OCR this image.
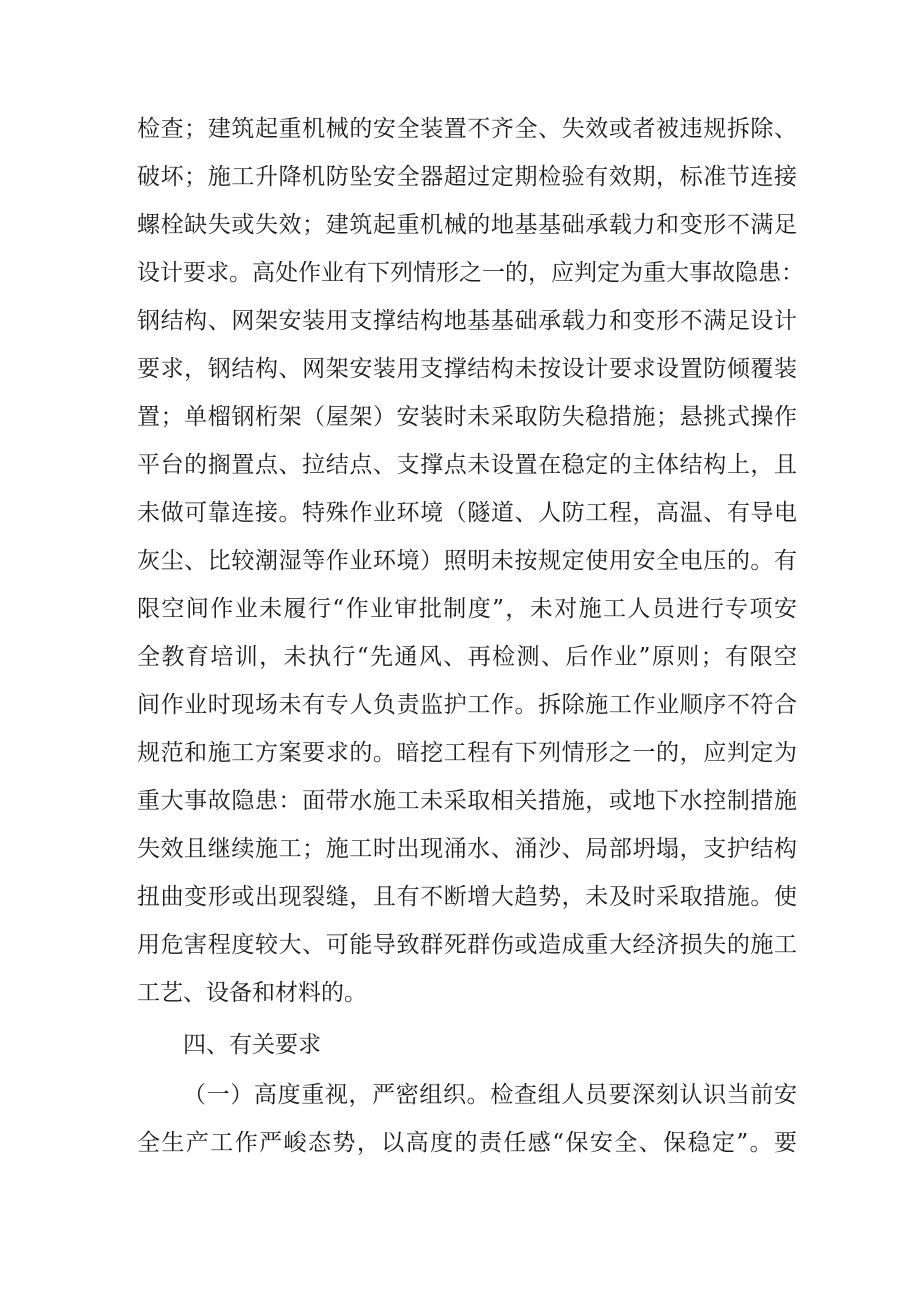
检查；建筑起重机械的安全装置不齐全、失效或者被违规拆除、
破坏；施工升降机防坠安全器超过定期检验有效期，标准节连接
螺栓缺失或失效；建筑起重机械的地基基础承载力和变形不满足
设计要求。高处作业有下列情形之一的，应判定为重大事故隐患：
钢结构、网架安装用支撑结构地基基础承载力和变形不满足设计
要求，钢结构、网架安装用支撑结构未按设计要求设置防倾覆装
置；单榴钢桁架（屋架）安装时未采取防失稳措施；悬挑式操作
平台的搁置点、拉结点、支撑点未设置在稳定的主体结构上，且
未做可靠连接。特殊作业环境（隧道、人防工程，高温、有导电
灰尘、比较潮湿等作业环境）照明未按规定使用安全电压的。有
限空间作业未履行“作业审批制度”，未对施工人员进行专项安
全教育培训，未执行“先通风、再检测、后作业”原则；有限空
间作业时现场未有专人负责监护工作。拆除施工作业顺序不符合
规范和施工方案要求的。暗挖工程有下列情形之一的，应判定为
重大事故隐患：面带水施工未采取相关措施，或地下水控制措施
失效且继续施工；施工时出现涌水、涌沙、局部坍塌，支护结构
扭曲变形或出现裂缝，且有不断增大趋势，未及时采取措施。使
用危害程度较大、可能导致群死群伤或造成重大经济损失的施工
工艺、设备和材料的。
四、有关要求
（一）高度重视，严密组织。检查组人员要深刻认识当前安
全生产工作严峻态势，以高度的责任感“保安全、保稳定”。要
